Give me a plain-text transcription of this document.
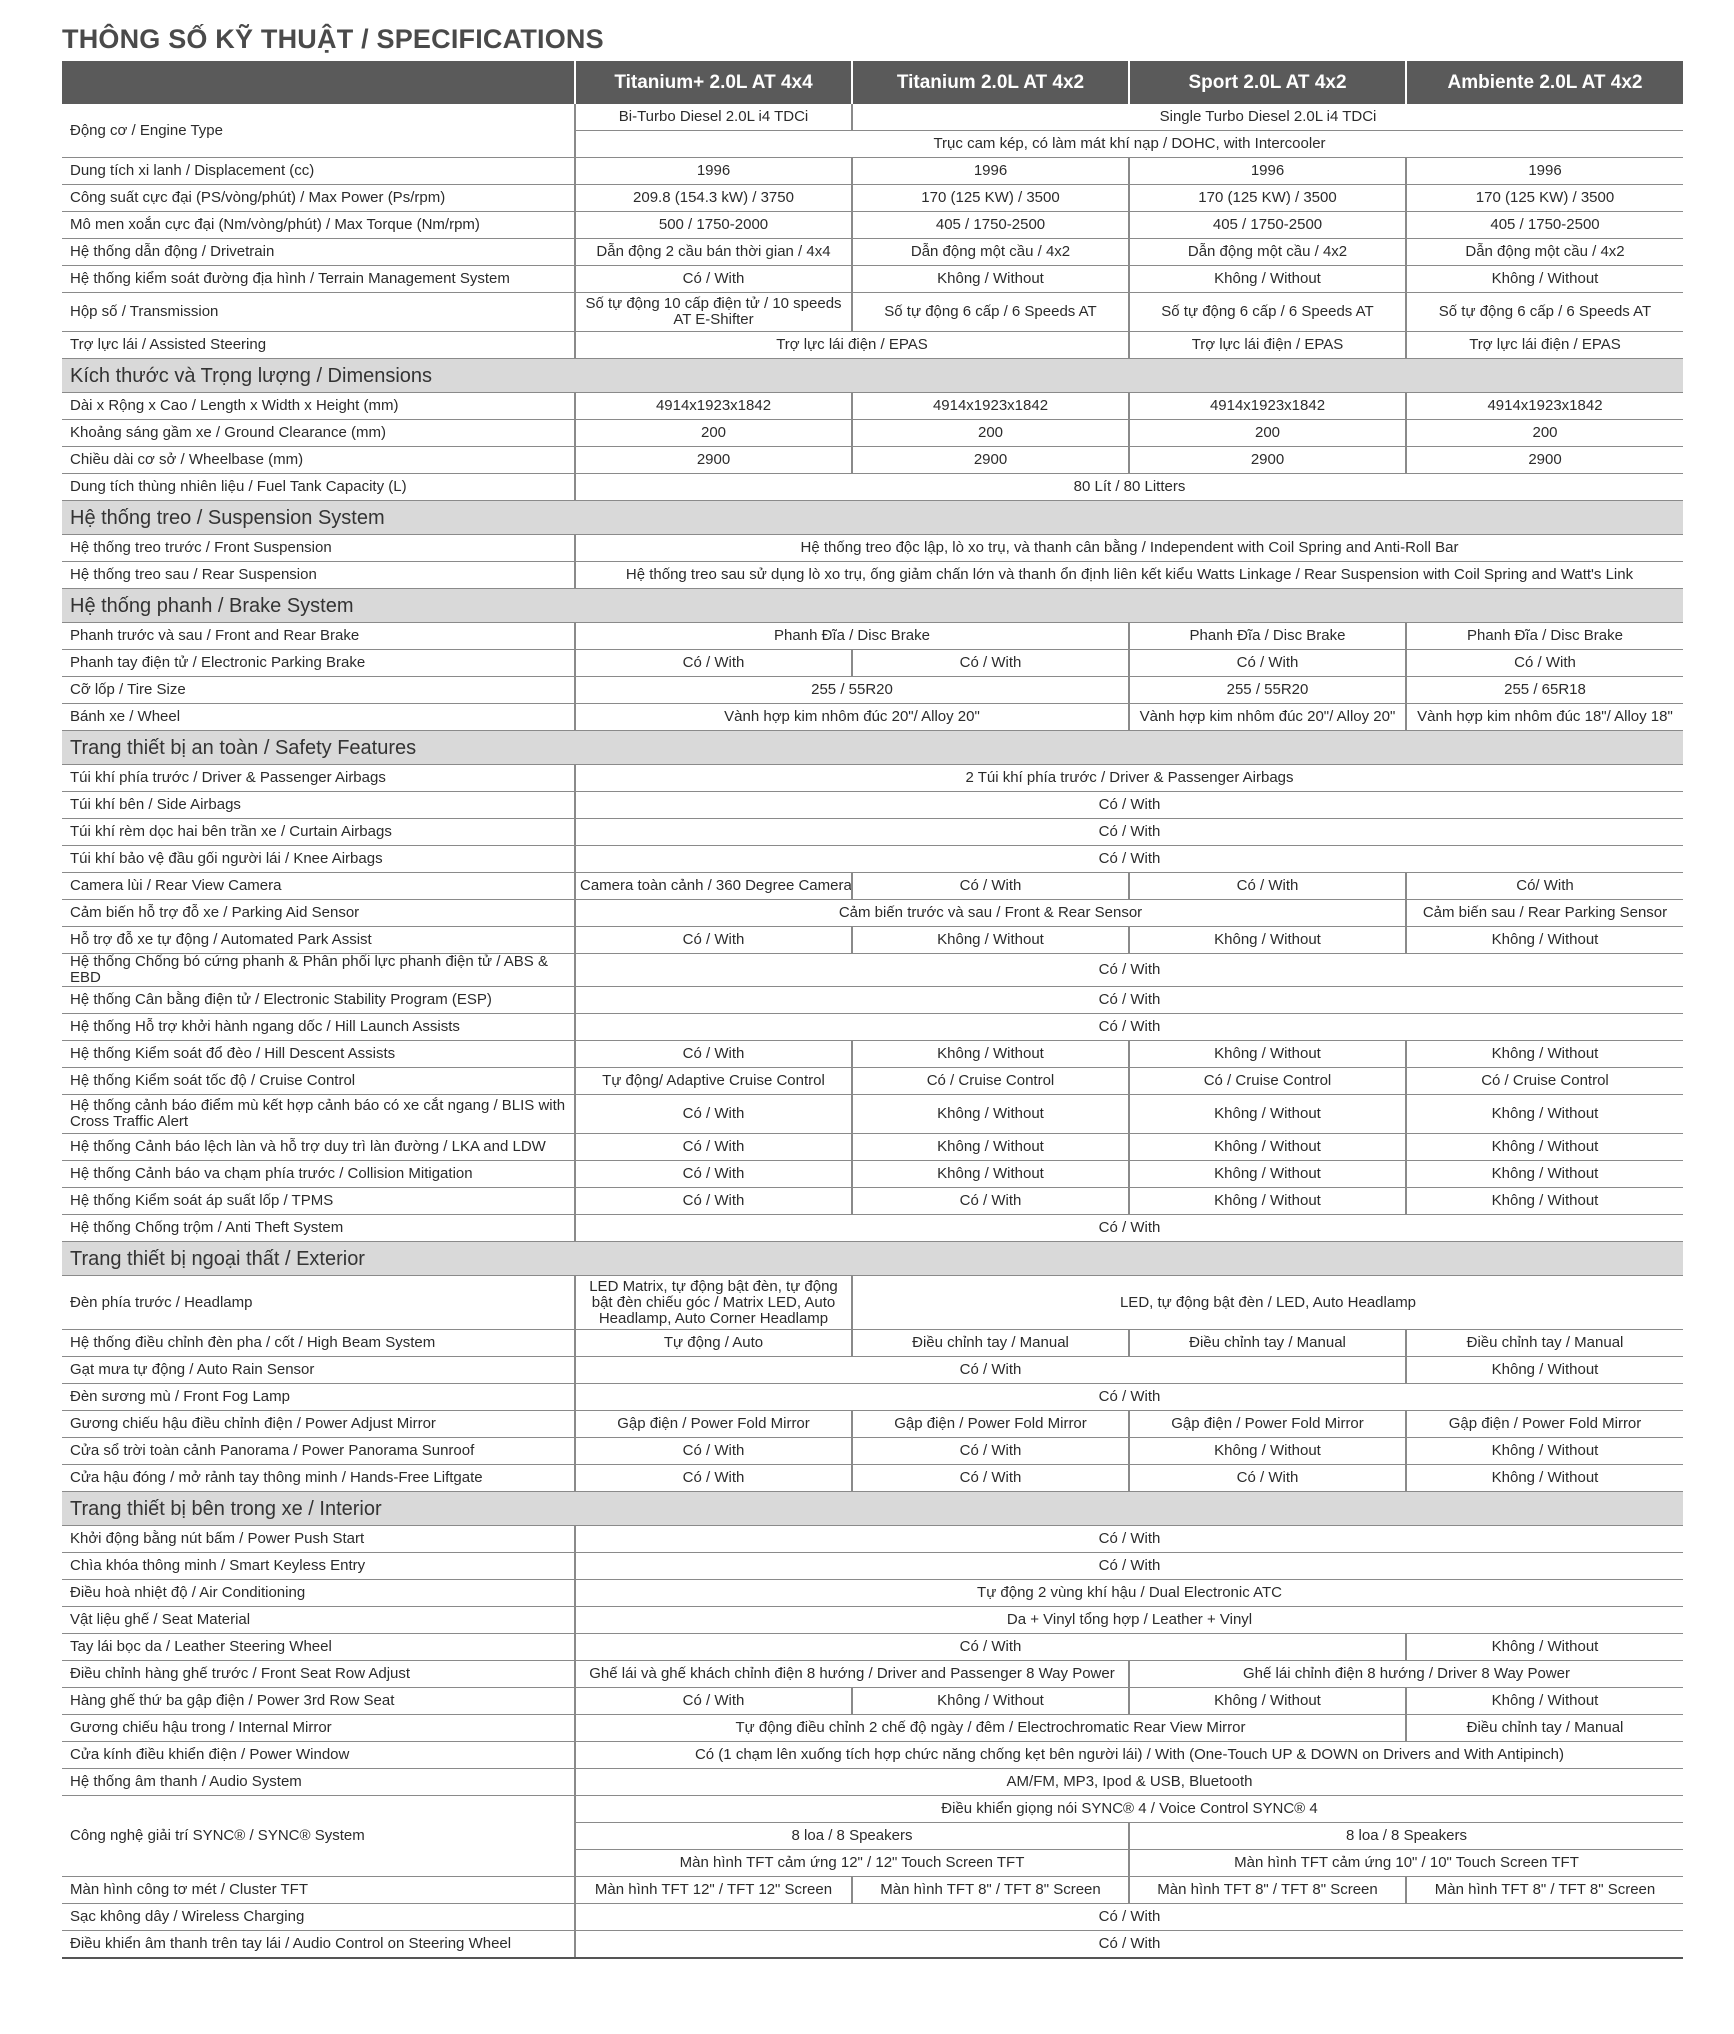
THÔNG SỐ KỸ THUẬT / SPECIFICATIONS
	Titanium+ 2.0L AT 4x4	Titanium 2.0L AT 4x2	Sport 2.0L AT 4x2	Ambiente 2.0L AT 4x2
Động cơ / Engine Type	Bi-Turbo Diesel 2.0L i4 TDCi	Single Turbo Diesel 2.0L i4 TDCi		
	Trục cam kép, có làm mát khí nạp / DOHC, with Intercooler			
Dung tích xi lanh / Displacement (cc)	1996	1996	1996	1996
Công suất cực đại (PS/vòng/phút) / Max Power (Ps/rpm)	209.8 (154.3 kW) / 3750	170 (125 KW) / 3500	170 (125 KW) / 3500	170 (125 KW) / 3500
Mô men xoắn cực đại (Nm/vòng/phút) / Max Torque (Nm/rpm)	500 / 1750-2000	405 / 1750-2500	405 / 1750-2500	405 / 1750-2500
Hệ thống dẫn động / Drivetrain	Dẫn động 2 cầu bán thời gian / 4x4	Dẫn động một cầu / 4x2	Dẫn động một cầu / 4x2	Dẫn động một cầu / 4x2
Hệ thống kiểm soát đường địa hình / Terrain Management System	Có / With	Không / Without	Không / Without	Không / Without
Hộp số / Transmission	Số tự động 10 cấp điện tử / 10 speeds AT E-Shifter	Số tự động 6 cấp / 6 Speeds AT	Số tự động 6 cấp / 6 Speeds AT	Số tự động 6 cấp / 6 Speeds AT
Trợ lực lái / Assisted Steering	Trợ lực lái điện / EPAS		Trợ lực lái điện / EPAS	Trợ lực lái điện / EPAS
Kích thước và Trọng lượng / Dimensions				
Dài x Rộng x Cao / Length x Width x Height (mm)	4914x1923x1842	4914x1923x1842	4914x1923x1842	4914x1923x1842
Khoảng sáng gầm xe / Ground Clearance (mm)	200	200	200	200
Chiều dài cơ sở / Wheelbase (mm)	2900	2900	2900	2900
Dung tích thùng nhiên liệu / Fuel Tank Capacity (L)	80 Lít / 80 Litters			
Hệ thống treo / Suspension System				
Hệ thống treo trước / Front Suspension	Hệ thống treo độc lập, lò xo trụ, và thanh cân bằng / Independent with Coil Spring and Anti-Roll Bar			
Hệ thống treo sau / Rear Suspension	Hệ thống treo sau sử dụng lò xo trụ, ống giảm chấn lớn và thanh ổn định liên kết kiểu Watts Linkage / Rear Suspension with Coil Spring and Watt's Link			
Hệ thống phanh / Brake System				
Phanh trước và sau / Front and Rear Brake	Phanh Đĩa / Disc Brake		Phanh Đĩa / Disc Brake	Phanh Đĩa / Disc Brake
Phanh tay điện tử / Electronic Parking Brake	Có / With	Có / With	Có / With	Có / With
Cỡ lốp / Tire Size	255 / 55R20		255 / 55R20	255 / 65R18
Bánh xe / Wheel	Vành hợp kim nhôm đúc 20"/ Alloy 20"		Vành hợp kim nhôm đúc 20"/ Alloy 20"	Vành hợp kim nhôm đúc 18"/ Alloy 18"
Trang thiết bị an toàn / Safety Features				
Túi khí phía trước / Driver & Passenger Airbags	2 Túi khí phía trước / Driver & Passenger Airbags			
Túi khí bên / Side Airbags	Có / With			
Túi khí rèm dọc hai bên trần xe / Curtain Airbags	Có / With			
Túi khí bảo vệ đầu gối người lái / Knee Airbags	Có / With			
Camera lùi / Rear View Camera	Camera toàn cảnh / 360 Degree Camera	Có / With	Có / With	Có/ With
Cảm biến hỗ trợ đỗ xe / Parking Aid Sensor	Cảm biến trước và sau / Front & Rear Sensor			Cảm biến sau / Rear Parking Sensor
Hỗ trợ đỗ xe tự động / Automated Park Assist	Có / With	Không / Without	Không / Without	Không / Without
Hệ thống Chống bó cứng phanh & Phân phối lực phanh điện tử / ABS & EBD	Có / With			
Hệ thống Cân bằng điện tử / Electronic Stability Program (ESP)	Có / With			
Hệ thống Hỗ trợ khởi hành ngang dốc / Hill Launch Assists	Có / With			
Hệ thống Kiểm soát đổ đèo / Hill Descent Assists	Có / With	Không / Without	Không / Without	Không / Without
Hệ thống Kiểm soát tốc độ / Cruise Control	Tự động/ Adaptive Cruise Control	Có / Cruise Control	Có / Cruise Control	Có / Cruise Control
Hệ thống cảnh báo điểm mù kết hợp cảnh báo có xe cắt ngang / BLIS with Cross Traffic Alert	Có / With	Không / Without	Không / Without	Không / Without
Hệ thống Cảnh báo lệch làn và hỗ trợ duy trì làn đường / LKA and LDW	Có / With	Không / Without	Không / Without	Không / Without
Hệ thống Cảnh báo va chạm phía trước / Collision Mitigation	Có / With	Không / Without	Không / Without	Không / Without
Hệ thống Kiểm soát áp suất lốp / TPMS	Có / With	Có / With	Không / Without	Không / Without
Hệ thống Chống trộm / Anti Theft System	Có / With			
Trang thiết bị ngoại thất / Exterior				
Đèn phía trước / Headlamp	LED Matrix, tự động bật đèn, tự động bật đèn chiếu góc / Matrix LED, Auto Headlamp, Auto Corner Headlamp	LED, tự động bật đèn / LED, Auto Headlamp		
Hệ thống điều chỉnh đèn pha / cốt / High Beam System	Tự động / Auto	Điều chỉnh tay / Manual	Điều chỉnh tay / Manual	Điều chỉnh tay / Manual
Gạt mưa tự động / Auto Rain Sensor	Có / With			Không / Without
Đèn sương mù / Front Fog Lamp	Có / With			
Gương chiếu hậu điều chỉnh điện / Power Adjust Mirror	Gập điện / Power Fold Mirror	Gập điện / Power Fold Mirror	Gập điện / Power Fold Mirror	Gập điện / Power Fold Mirror
Cửa sổ trời toàn cảnh Panorama / Power Panorama Sunroof	Có / With	Có / With	Không / Without	Không / Without
Cửa hậu đóng / mở rảnh tay thông minh / Hands-Free Liftgate	Có / With	Có / With	Có / With	Không / Without
Trang thiết bị bên trong xe / Interior				
Khởi động bằng nút bấm / Power Push Start	Có / With			
Chìa khóa thông minh / Smart Keyless Entry	Có / With			
Điều hoà nhiệt độ / Air Conditioning	Tự động 2 vùng khí hậu / Dual Electronic ATC			
Vật liệu ghế / Seat Material	Da + Vinyl tổng hợp / Leather + Vinyl			
Tay lái bọc da / Leather Steering Wheel	Có / With			Không / Without
Điều chỉnh hàng ghế trước / Front Seat Row Adjust	Ghế lái và ghế khách chỉnh điện 8 hướng / Driver and Passenger 8 Way Power		Ghế lái chỉnh điện 8 hướng / Driver 8 Way Power	
Hàng ghế thứ ba gập điện / Power 3rd Row Seat	Có / With	Không / Without	Không / Without	Không / Without
Gương chiếu hậu trong / Internal Mirror	Tự động điều chỉnh 2 chế độ ngày / đêm / Electrochromatic Rear View Mirror			Điều chỉnh tay / Manual
Cửa kính điều khiển điện / Power Window	Có (1 chạm lên xuống tích hợp chức năng chống kẹt bên người lái) / With (One-Touch UP & DOWN on Drivers and With Antipinch)			
Hệ thống âm thanh / Audio System	AM/FM, MP3, Ipod & USB, Bluetooth			
Công nghệ giải trí SYNC® / SYNC® System	Điều khiển giọng nói SYNC® 4 / Voice Control SYNC® 4			
	8 loa / 8 Speakers		8 loa / 8 Speakers	
	Màn hình TFT cảm ứng 12" / 12" Touch Screen TFT		Màn hình TFT cảm ứng 10" / 10" Touch Screen TFT	
Màn hình công tơ mét / Cluster TFT	Màn hình TFT 12" / TFT 12" Screen	Màn hình TFT 8" / TFT 8" Screen	Màn hình TFT 8" / TFT 8" Screen	Màn hình TFT 8" / TFT 8" Screen
Sạc không dây / Wireless Charging	Có / With			
Điều khiển âm thanh trên tay lái / Audio Control on Steering Wheel	Có / With			
